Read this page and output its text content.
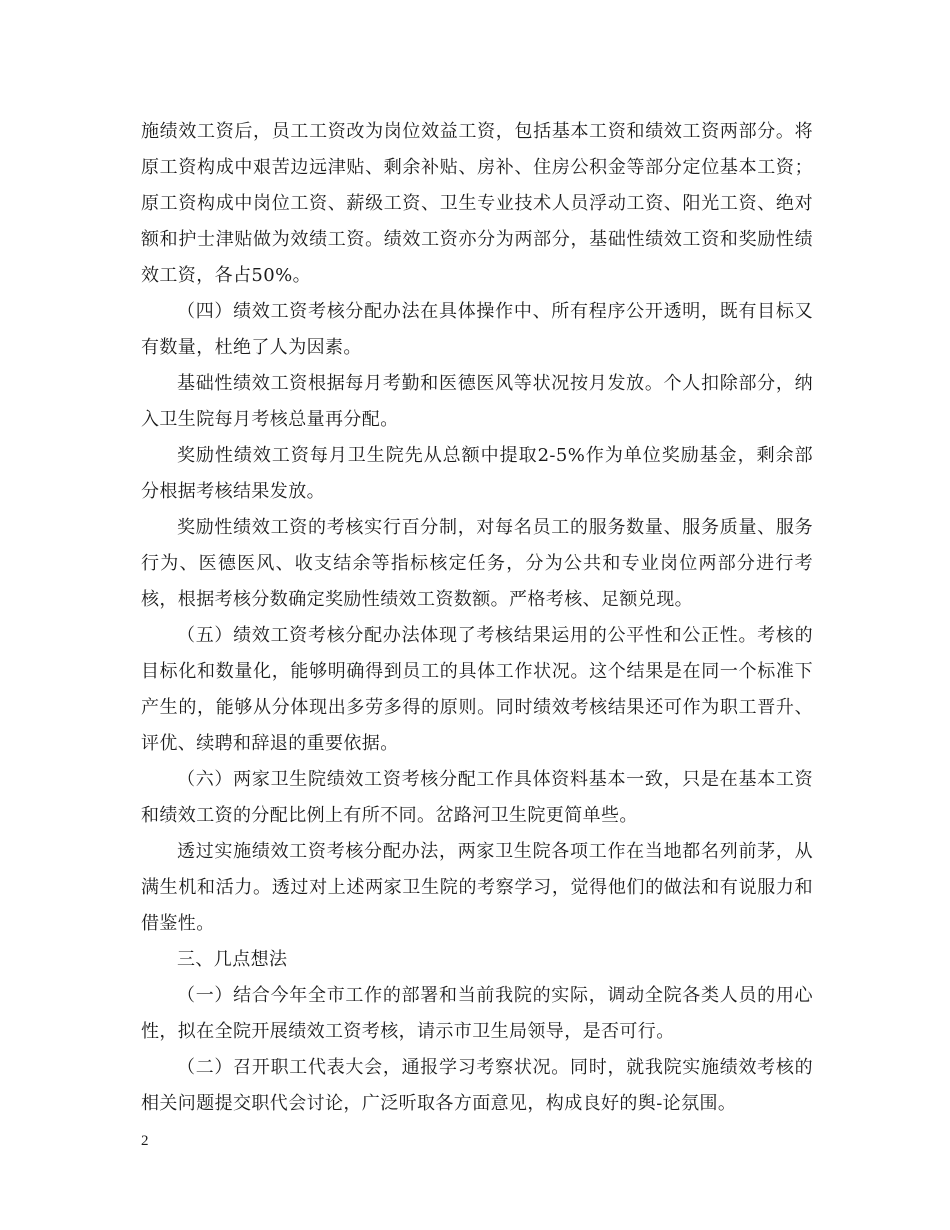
施绩效工资后，员工工资改为岗位效益工资，包括基本工资和绩效工资两部分。将原工资构成中艰苦边远津贴、剩余补贴、房补、住房公积金等部分定位基本工资；原工资构成中岗位工资、薪级工资、卫生专业技术人员浮动工资、阳光工资、绝对额和护士津贴做为效绩工资。绩效工资亦分为两部分，基础性绩效工资和奖励性绩效工资，各占50%。

（四）绩效工资考核分配办法在具体操作中、所有程序公开透明，既有目标又有数量，杜绝了人为因素。

基础性绩效工资根据每月考勤和医德医风等状况按月发放。个人扣除部分，纳入卫生院每月考核总量再分配。

奖励性绩效工资每月卫生院先从总额中提取2-5%作为单位奖励基金，剩余部分根据考核结果发放。

奖励性绩效工资的考核实行百分制，对每名员工的服务数量、服务质量、服务行为、医德医风、收支结余等指标核定任务，分为公共和专业岗位两部分进行考核，根据考核分数确定奖励性绩效工资数额。严格考核、足额兑现。

（五）绩效工资考核分配办法体现了考核结果运用的公平性和公正性。考核的目标化和数量化，能够明确得到员工的具体工作状况。这个结果是在同一个标准下产生的，能够从分体现出多劳多得的原则。同时绩效考核结果还可作为职工晋升、评优、续聘和辞退的重要依据。

（六）两家卫生院绩效工资考核分配工作具体资料基本一致，只是在基本工资和绩效工资的分配比例上有所不同。岔路河卫生院更简单些。

透过实施绩效工资考核分配办法，两家卫生院各项工作在当地都名列前茅，从满生机和活力。透过对上述两家卫生院的考察学习，觉得他们的做法和有说服力和借鉴性。

三、几点想法

（一）结合今年全市工作的部署和当前我院的实际，调动全院各类人员的用心性，拟在全院开展绩效工资考核，请示市卫生局领导，是否可行。

（二）召开职工代表大会，通报学习考察状况。同时，就我院实施绩效考核的相关问题提交职代会讨论，广泛听取各方面意见，构成良好的舆-论氛围。

2
